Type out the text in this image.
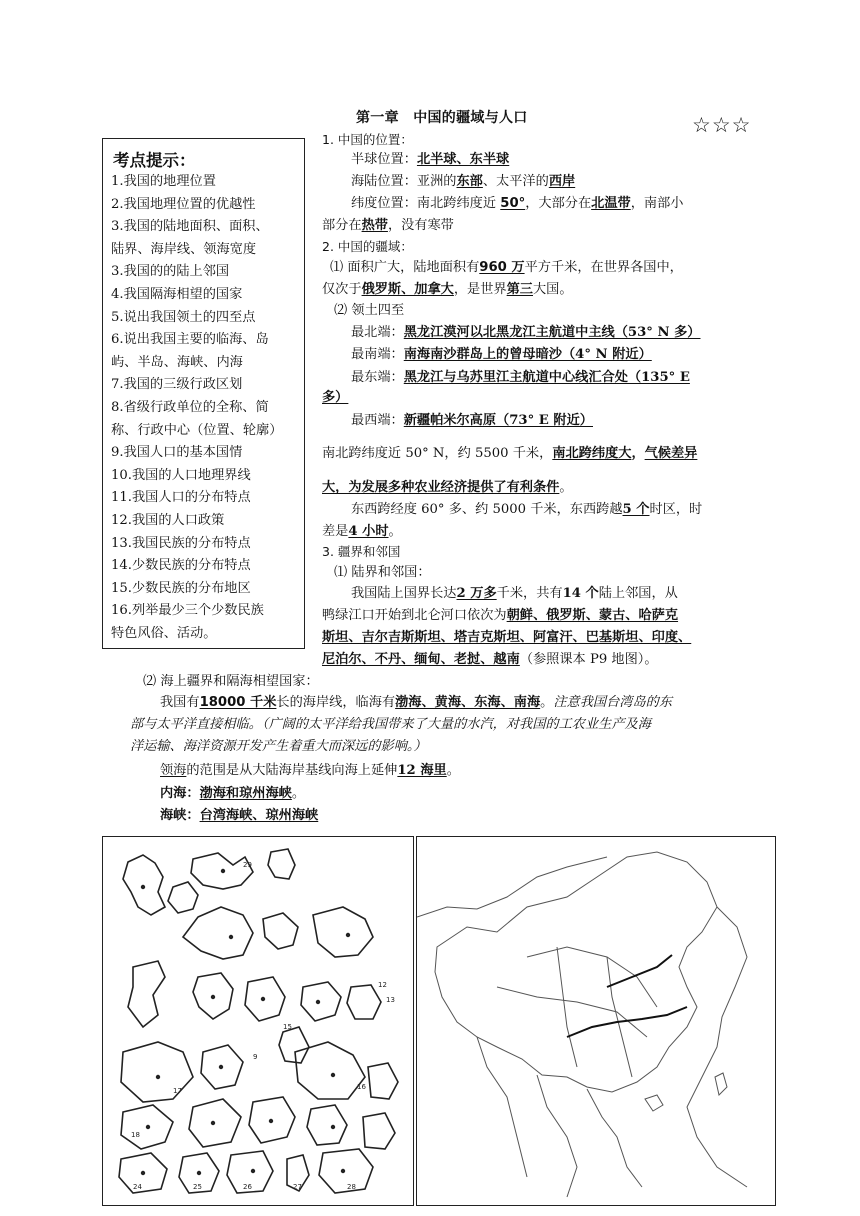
第一章　中国的疆域与人口	☆☆☆
考点提示：
1.我国的地理位置
2.我国地理位置的优越性
3.我国的陆地面积、面积、
陆界、海岸线、领海宽度
3.我国的的陆上邻国
4.我国隔海相望的国家
5.说出我国领土的四至点
6.说出我国主要的临海、岛
屿、半岛、海峡、内海
7.我国的三级行政区划
8.省级行政单位的全称、简
称、行政中心（位置、轮廓）
9.我国人口的基本国情
10.我国的人口地理界线
11.我国人口的分布特点
12.我国的人口政策
13.我国民族的分布特点
14.少数民族的分布特点
15.少数民族的分布地区
16.列举最少三个少数民族
特色风俗、活动。
1. 中国的位置：
半球位置：北半球、东半球
海陆位置：亚洲的东部、太平洋的西岸
纬度位置：南北跨纬度近 50°，大部分在北温带，南部小
部分在热带，没有寒带
2. 中国的疆域：
⑴ 面积广大，陆地面积有960 万平方千米，在世界各国中，
仅次于俄罗斯、加拿大，是世界第三大国。
⑵ 领土四至
最北端：黑龙江漠河以北黑龙江主航道中主线（53° N 多）
最南端：南海南沙群岛上的曾母暗沙（4° N 附近）
最东端：黑龙江与乌苏里江主航道中心线汇合处（135° E
多）
最西端：新疆帕米尔高原（73° E 附近）
南北跨纬度近 50° N，约 5500 千米，南北跨纬度大，气候差异
大，为发展多种农业经济提供了有利条件。
东西跨经度 60° 多、约 5000 千米，东西跨越5 个时区，时
差是4 小时。
3. 疆界和邻国
⑴ 陆界和邻国：
我国陆上国界长达2 万多千米，共有14 个陆上邻国，从
鸭绿江口开始到北仑河口依次为朝鲜、俄罗斯、蒙古、哈萨克
斯坦、吉尔吉斯斯坦、塔吉克斯坦、阿富汗、巴基斯坦、印度、
尼泊尔、不丹、缅甸、老挝、越南（参照课本 P9 地图）。
⑵ 海上疆界和隔海相望国家：
我国有18000 千米长的海岸线，临海有渤海、黄海、东海、南海。注意我国台湾岛的东
部与太平洋直接相临。（广阔的太平洋给我国带来了大量的水汽，对我国的工农业生产及海
洋运输、海洋资源开发产生着重大而深远的影响。）
领海的范围是从大陆海岸基线向海上延伸12 海里。
内海：渤海和琼州海峡。
海峡：台湾海峡、琼州海峡
9
12
13
15
16
17
18
24	25	26	27	28
29
